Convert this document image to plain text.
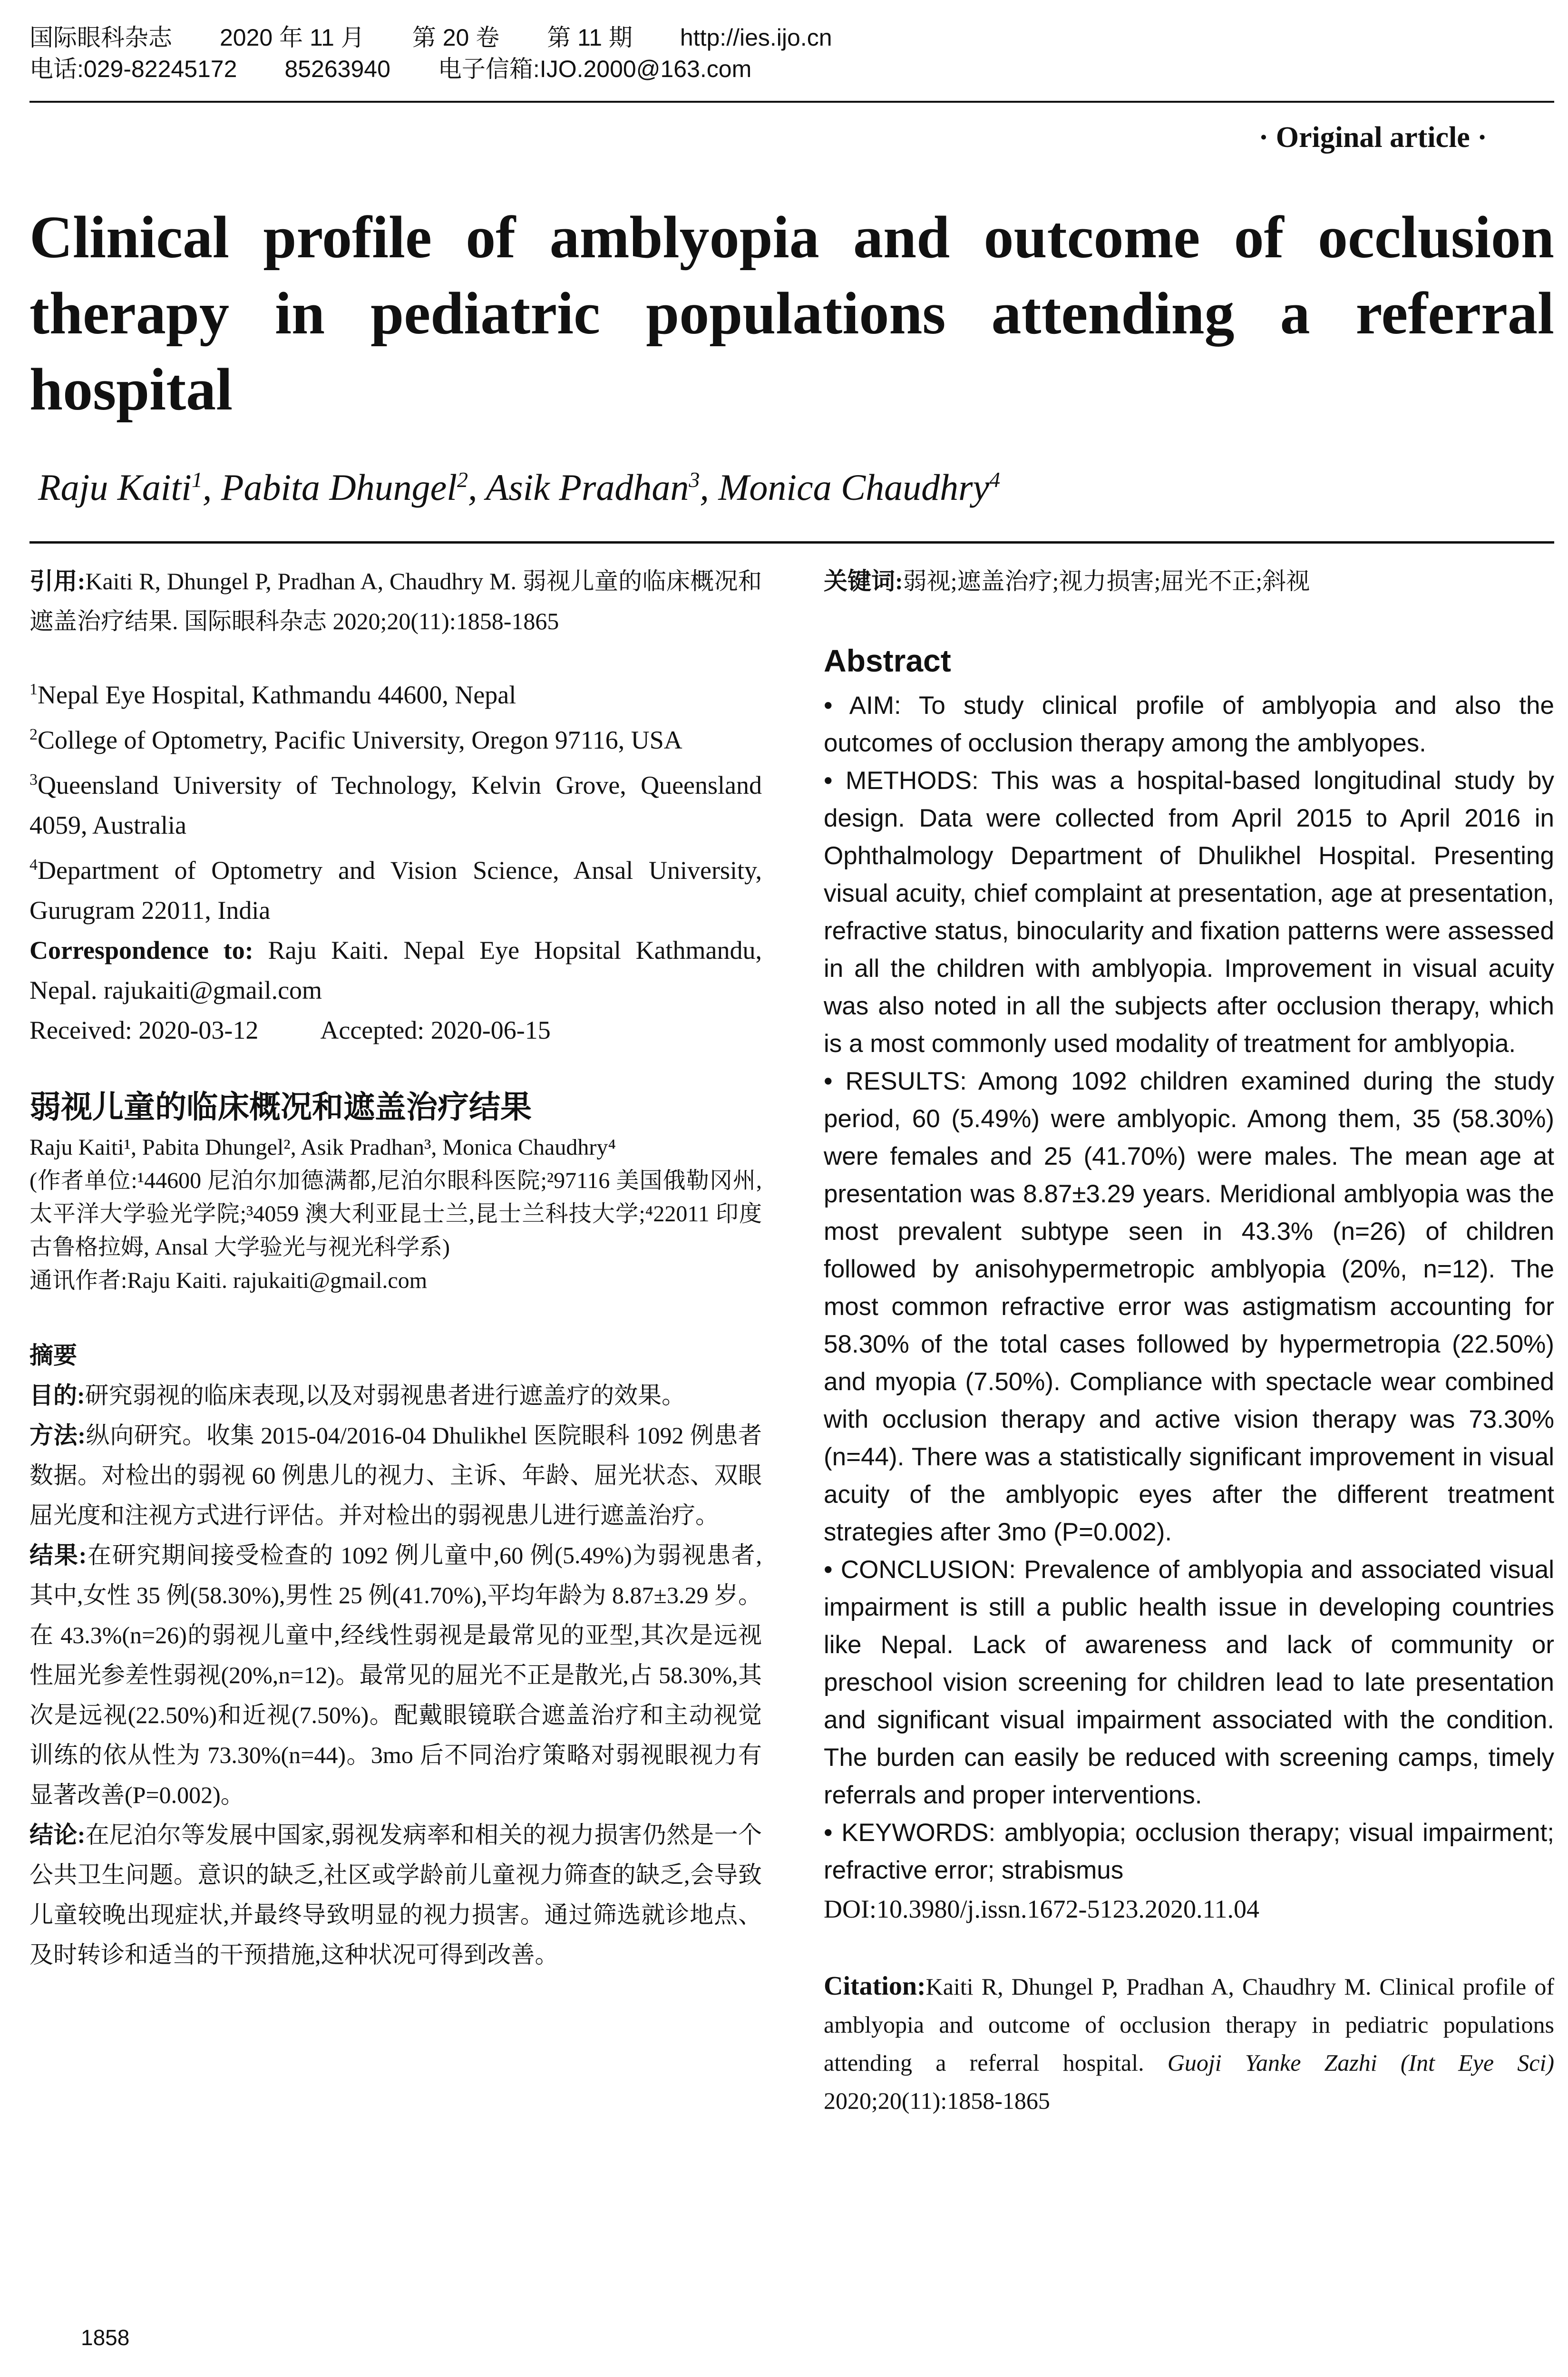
国际眼科杂志 2020 年 11 月 第 20 卷 第 11 期 http://ies.ijo.cn
电话:029-82245172 85263940 电子信箱:IJO.2000@163.com
· Original article ·
Clinical profile of amblyopia and outcome of occlusion therapy in pediatric populations attending a referral hospital
Raju Kaiti$^1$, Pabita Dhungel$^2$, Asik Pradhan$^3$, Monica Chaudhry$^4$

引用:Kaiti R, Dhungel P, Pradhan A, Chaudhry M. 弱视儿童的临床概况和遮盖治疗结果. 国际眼科杂志 2020;20(11):1858-1865

$^1$Nepal Eye Hospital, Kathmandu 44600, Nepal

$^2$College of Optometry, Pacific University, Oregon 97116, USA

$^3$Queensland University of Technology, Kelvin Grove, Queensland 4059, Australia

$^4$Department of Optometry and Vision Science, Ansal University, Gurugram 22011, India

Correspondence to: Raju Kaiti. Nepal Eye Hopsital Kathmandu, Nepal. rajukaiti@gmail.com

Received: 2020-03-12 Accepted: 2020-06-15

弱视儿童的临床概况和遮盖治疗结果

Raju Kaiti¹, Pabita Dhungel², Asik Pradhan³, Monica Chaudhry⁴

(作者单位:¹44600 尼泊尔加德满都,尼泊尔眼科医院;²97116 美国俄勒冈州,太平洋大学验光学院;³4059 澳大利亚昆士兰,昆士兰科技大学;⁴22011 印度古鲁格拉姆, Ansal 大学验光与视光科学系)

通讯作者:Raju Kaiti. rajukaiti@gmail.com

摘要

目的:研究弱视的临床表现,以及对弱视患者进行遮盖疗的效果。

方法:纵向研究。收集 2015-04/2016-04 Dhulikhel 医院眼科 1092 例患者数据。对检出的弱视 60 例患儿的视力、主诉、年龄、屈光状态、双眼屈光度和注视方式进行评估。并对检出的弱视患儿进行遮盖治疗。

结果:在研究期间接受检查的 1092 例儿童中,60 例(5.49%)为弱视患者,其中,女性 35 例(58.30%),男性 25 例(41.70%),平均年龄为 8.87±3.29 岁。在 43.3%(n=26)的弱视儿童中,经线性弱视是最常见的亚型,其次是远视性屈光参差性弱视(20%,n=12)。最常见的屈光不正是散光,占 58.30%,其次是远视(22.50%)和近视(7.50%)。配戴眼镜联合遮盖治疗和主动视觉训练的依从性为 73.30%(n=44)。3mo 后不同治疗策略对弱视眼视力有显著改善(P=0.002)。

结论:在尼泊尔等发展中国家,弱视发病率和相关的视力损害仍然是一个公共卫生问题。意识的缺乏,社区或学龄前儿童视力筛查的缺乏,会导致儿童较晚出现症状,并最终导致明显的视力损害。通过筛选就诊地点、及时转诊和适当的干预措施,这种状况可得到改善。

关键词:弱视;遮盖治疗;视力损害;屈光不正;斜视

Abstract

• AIM: To study clinical profile of amblyopia and also the outcomes of occlusion therapy among the amblyopes.

• METHODS: This was a hospital-based longitudinal study by design. Data were collected from April 2015 to April 2016 in Ophthalmology Department of Dhulikhel Hospital. Presenting visual acuity, chief complaint at presentation, age at presentation, refractive status, binocularity and fixation patterns were assessed in all the children with amblyopia. Improvement in visual acuity was also noted in all the subjects after occlusion therapy, which is a most commonly used modality of treatment for amblyopia.

• RESULTS: Among 1092 children examined during the study period, 60 (5.49%) were amblyopic. Among them, 35 (58.30%) were females and 25 (41.70%) were males. The mean age at presentation was 8.87±3.29 years. Meridional amblyopia was the most prevalent subtype seen in 43.3% (n=26) of children followed by anisohypermetropic amblyopia (20%, n=12). The most common refractive error was astigmatism accounting for 58.30% of the total cases followed by hypermetropia (22.50%) and myopia (7.50%). Compliance with spectacle wear combined with occlusion therapy and active vision therapy was 73.30% (n=44). There was a statistically significant improvement in visual acuity of the amblyopic eyes after the different treatment strategies after 3mo (P=0.002).

• CONCLUSION: Prevalence of amblyopia and associated visual impairment is still a public health issue in developing countries like Nepal. Lack of awareness and lack of community or preschool vision screening for children lead to late presentation and significant visual impairment associated with the condition. The burden can easily be reduced with screening camps, timely referrals and proper interventions.

• KEYWORDS: amblyopia; occlusion therapy; visual impairment; refractive error; strabismus

DOI:10.3980/j.issn.1672-5123.2020.11.04

Citation:Kaiti R, Dhungel P, Pradhan A, Chaudhry M. Clinical profile of amblyopia and outcome of occlusion therapy in pediatric populations attending a referral hospital. Guoji Yanke Zazhi (Int Eye Sci) 2020;20(11):1858-1865

1858
